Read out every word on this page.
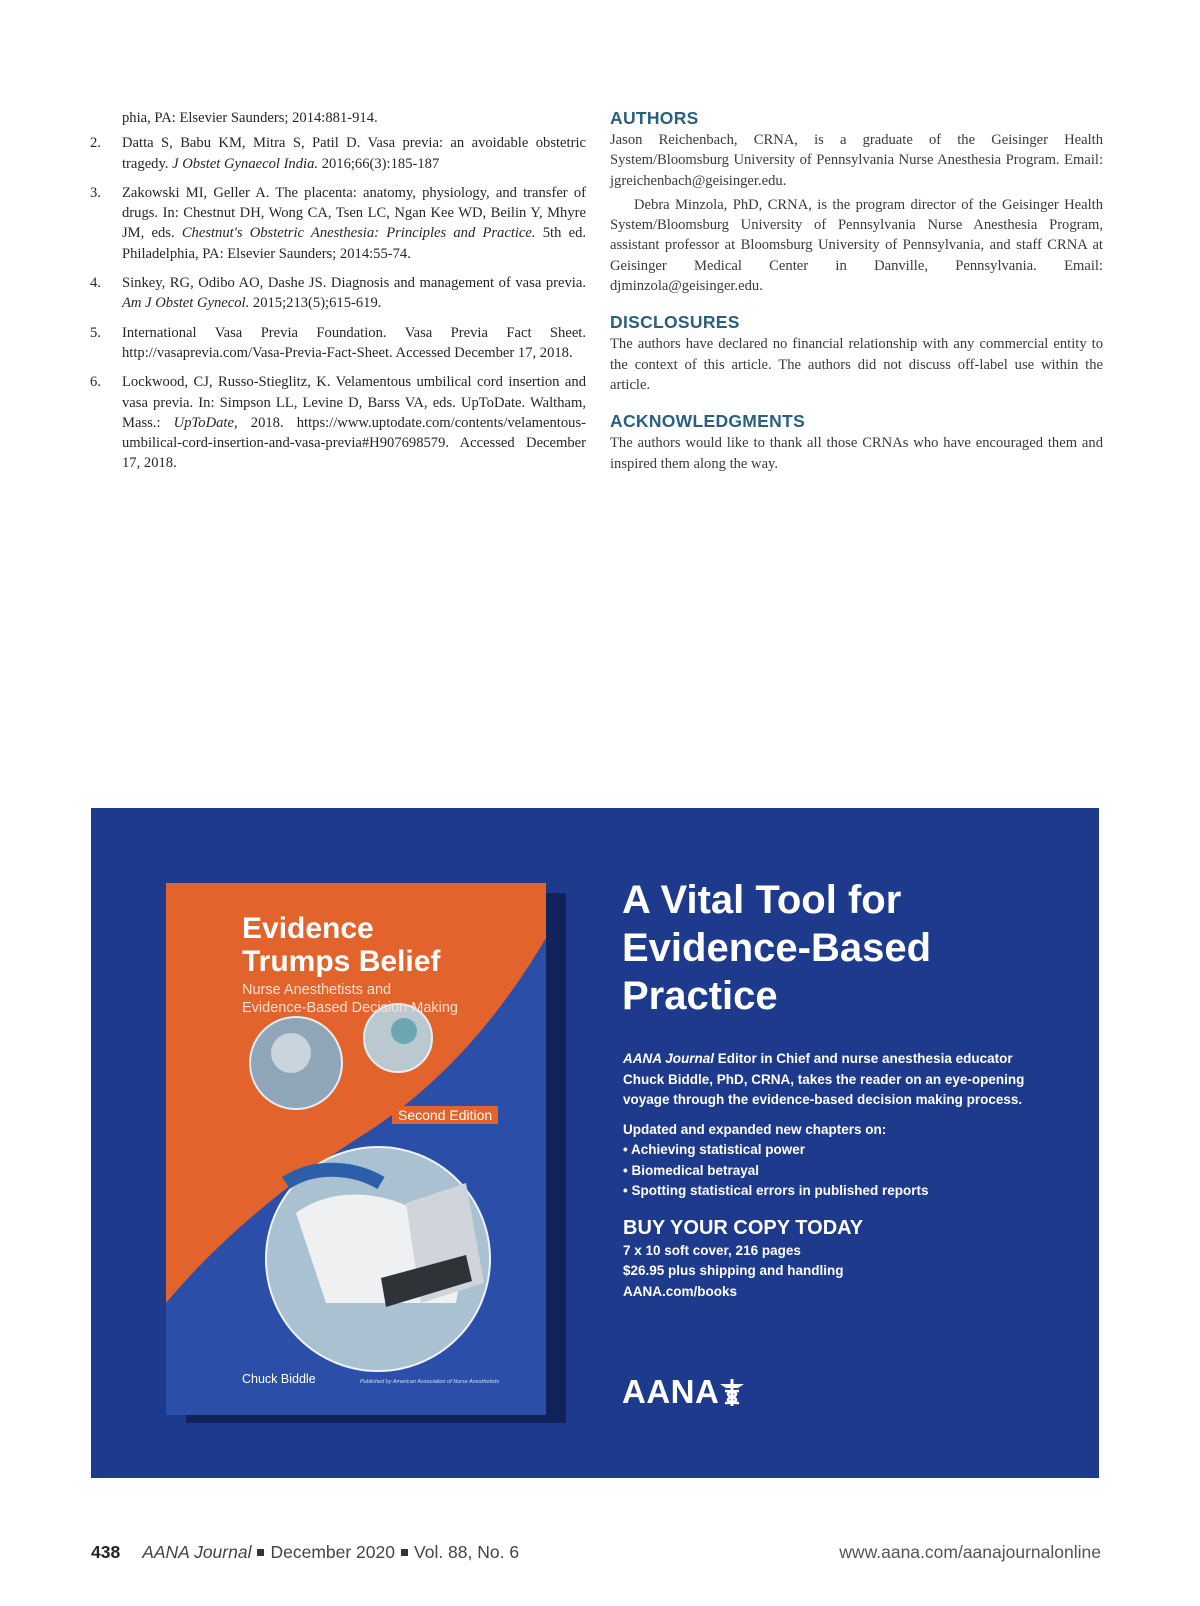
phia, PA: Elsevier Saunders; 2014:881-914.
2. Datta S, Babu KM, Mitra S, Patil D. Vasa previa: an avoidable obstetric tragedy. J Obstet Gynaecol India. 2016;66(3):185-187
3. Zakowski MI, Geller A. The placenta: anatomy, physiology, and transfer of drugs. In: Chestnut DH, Wong CA, Tsen LC, Ngan Kee WD, Beilin Y, Mhyre JM, eds. Chestnut's Obstetric Anesthesia: Principles and Practice. 5th ed. Philadelphia, PA: Elsevier Saunders; 2014:55-74.
4. Sinkey, RG, Odibo AO, Dashe JS. Diagnosis and management of vasa previa. Am J Obstet Gynecol. 2015;213(5);615-619.
5. International Vasa Previa Foundation. Vasa Previa Fact Sheet. http://vasaprevia.com/Vasa-Previa-Fact-Sheet. Accessed December 17, 2018.
6. Lockwood, CJ, Russo-Stieglitz, K. Velamentous umbilical cord insertion and vasa previa. In: Simpson LL, Levine D, Barss VA, eds. UpToDate. Waltham, Mass.: UpToDate, 2018. https://www.uptodate.com/contents/velamentous-umbilical-cord-insertion-and-vasa-previa#H907698579. Accessed December 17, 2018.
AUTHORS

Jason Reichenbach, CRNA, is a graduate of the Geisinger Health System/Bloomsburg University of Pennsylvania Nurse Anesthesia Program. Email: jgreichenbach@geisinger.edu.

Debra Minzola, PhD, CRNA, is the program director of the Geisinger Health System/Bloomsburg University of Pennsylvania Nurse Anesthesia Program, assistant professor at Bloomsburg University of Pennsylvania, and staff CRNA at Geisinger Medical Center in Danville, Pennsylvania. Email: djminzola@geisinger.edu.

DISCLOSURES

The authors have declared no financial relationship with any commercial entity to the context of this article. The authors did not discuss off-label use within the article.

ACKNOWLEDGMENTS

The authors would like to thank all those CRNAs who have encouraged them and inspired them along the way.

Evidence
Trumps Belief
Nurse Anesthetists and
Evidence-Based Decision Making
Second Edition
Chuck Biddle	Published by American Association of Nurse Anesthetists
A Vital Tool for
Evidence-Based
Practice

AANA Journal Editor in Chief and nurse anesthesia educator Chuck Biddle, PhD, CRNA, takes the reader on an eye-opening voyage through the evidence-based decision making process.

Updated and expanded new chapters on:

• Achieving statistical power

• Biomedical betrayal

• Spotting statistical errors in published reports

BUY YOUR COPY TODAY

7 x 10 soft cover, 216 pages

$26.95 plus shipping and handling

AANA.com/books

AANA
438 AANA Journal December 2020 Vol. 88, No. 6	www.aana.com/aanajournalonline
